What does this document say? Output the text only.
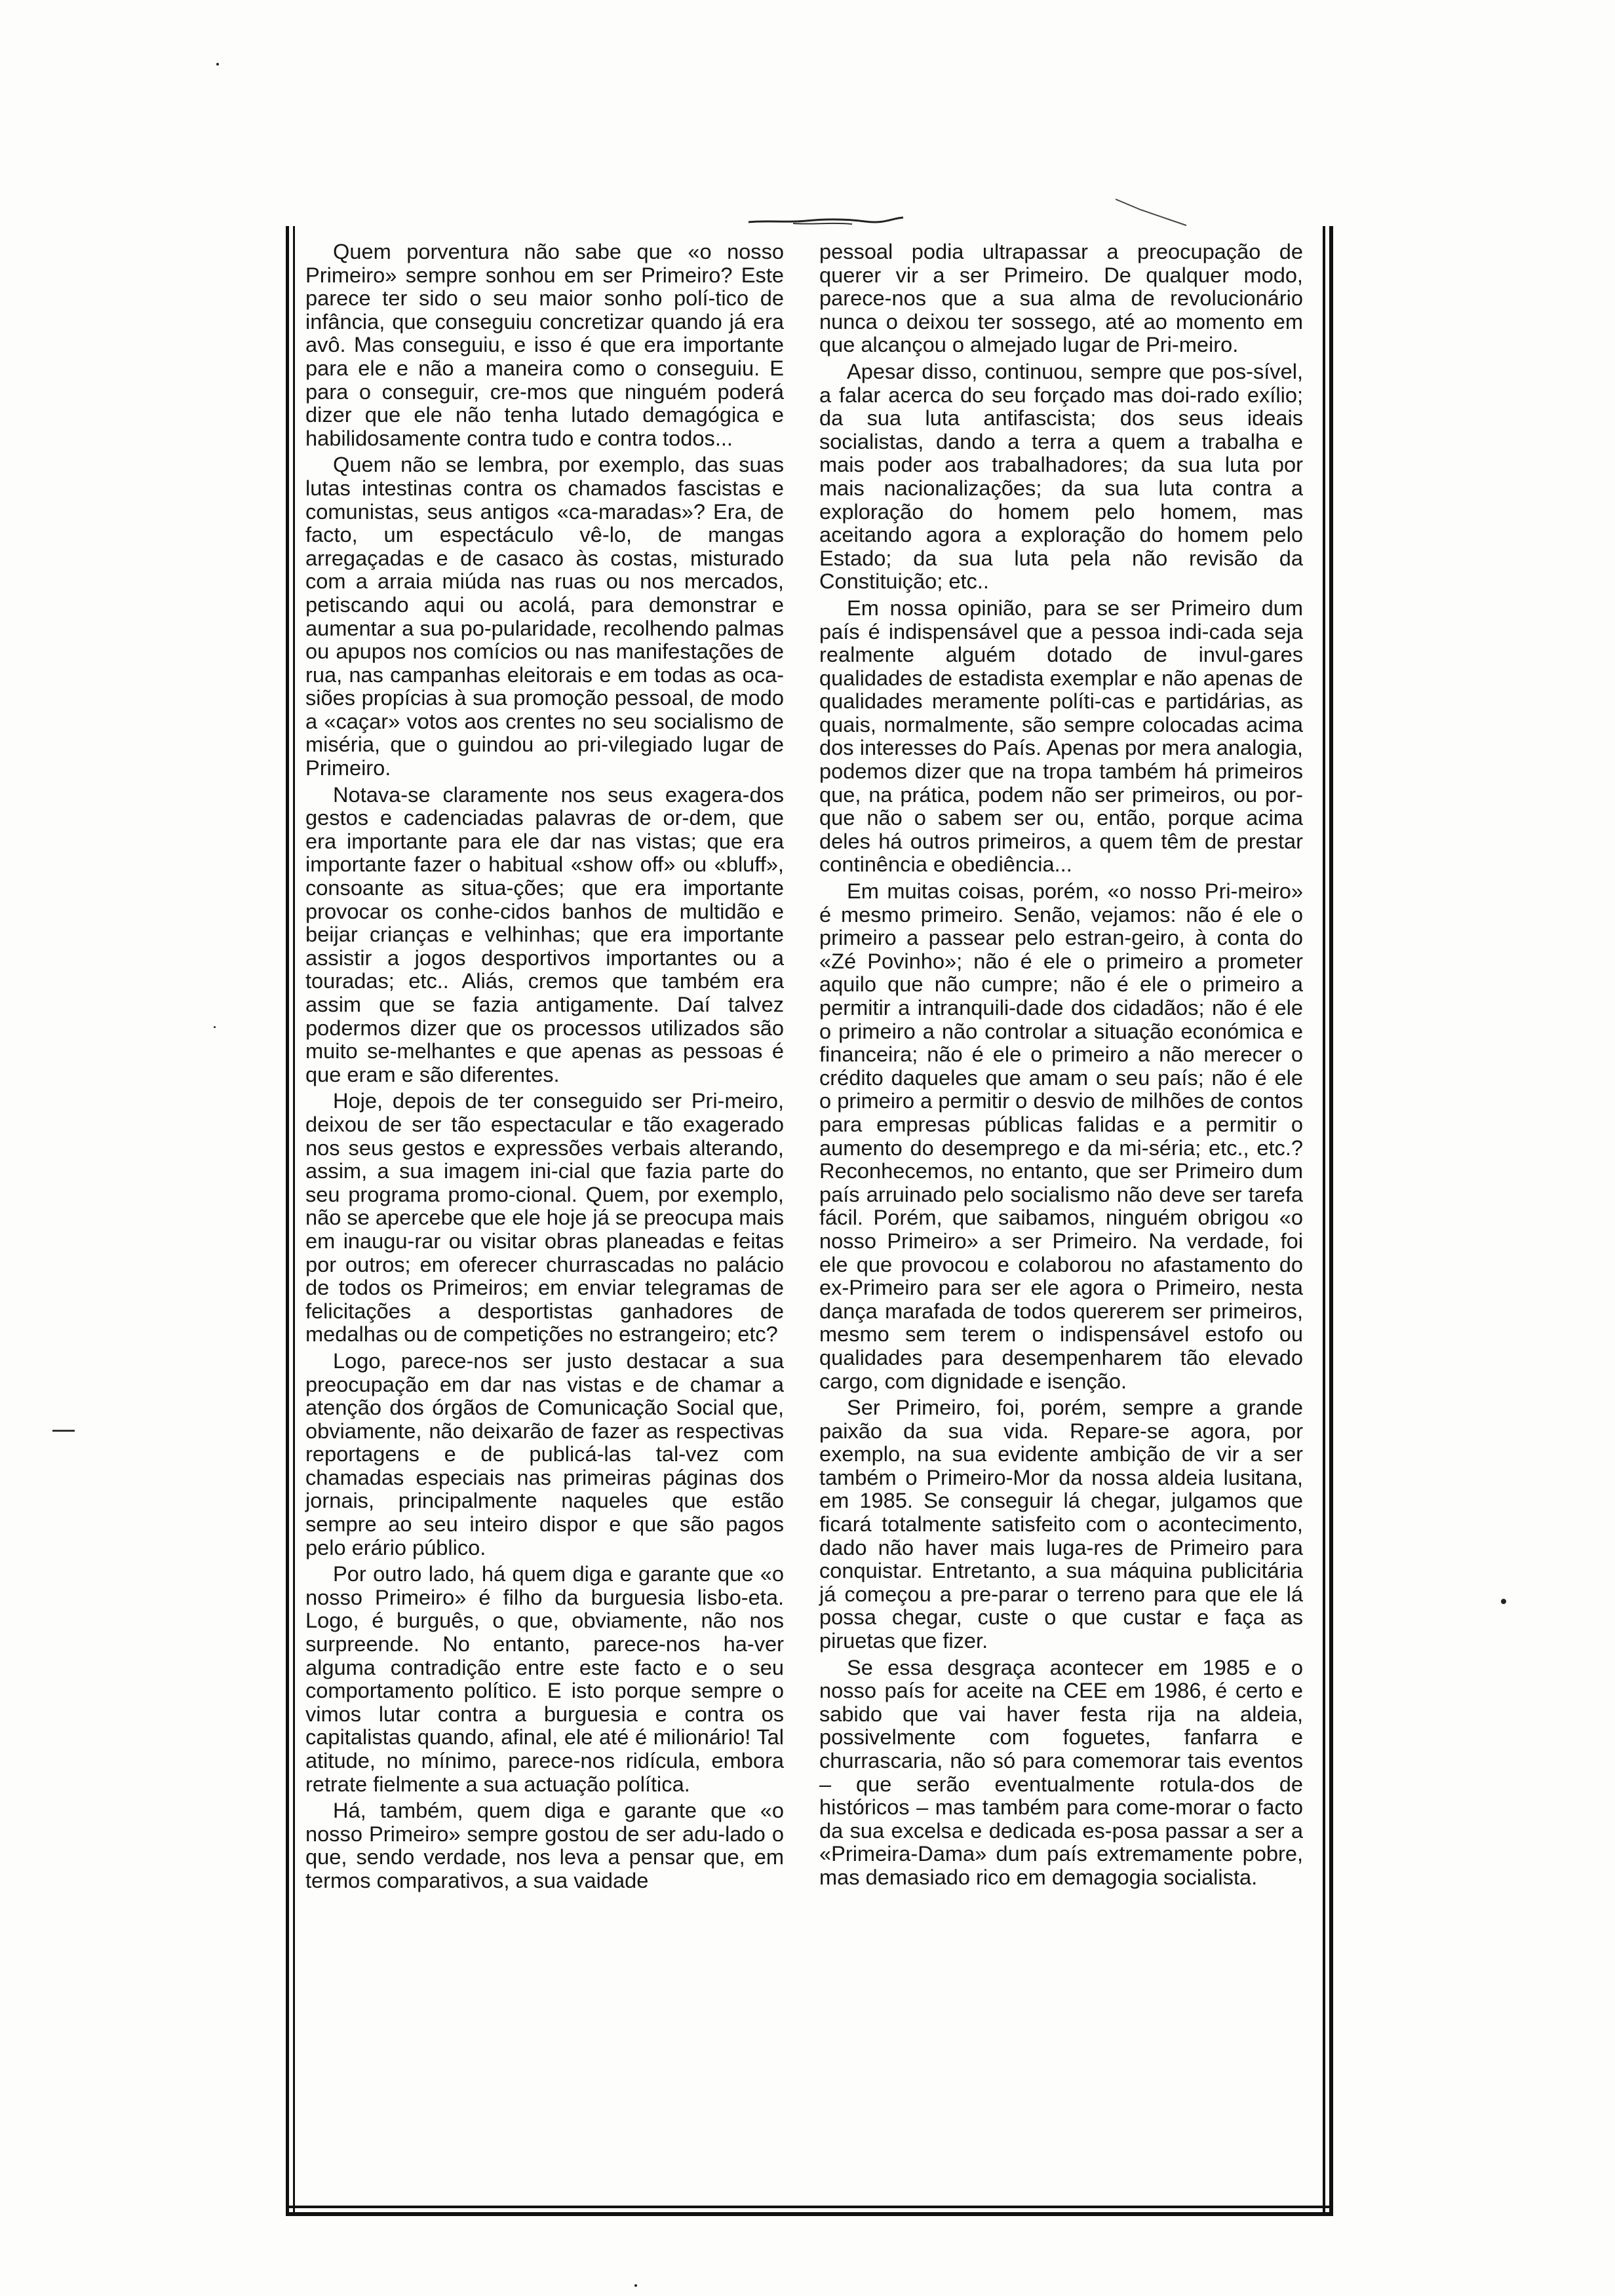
Quem porventura não sabe que «o nosso Primeiro» sempre sonhou em ser Primeiro? Este parece ter sido o seu maior sonho polí-tico de infância, que conseguiu concretizar quando já era avô. Mas conseguiu, e isso é que era importante para ele e não a maneira como o conseguiu. E para o conseguir, cre-mos que ninguém poderá dizer que ele não tenha lutado demagógica e habilidosamente contra tudo e contra todos...

Quem não se lembra, por exemplo, das suas lutas intestinas contra os chamados fascistas e comunistas, seus antigos «ca-maradas»? Era, de facto, um espectáculo vê-lo, de mangas arregaçadas e de casaco às costas, misturado com a arraia miúda nas ruas ou nos mercados, petiscando aqui ou acolá, para demonstrar e aumentar a sua po-pularidade, recolhendo palmas ou apupos nos comícios ou nas manifestações de rua, nas campanhas eleitorais e em todas as oca-siões propícias à sua promoção pessoal, de modo a «caçar» votos aos crentes no seu socialismo de miséria, que o guindou ao pri-vilegiado lugar de Primeiro.

Notava-se claramente nos seus exagera-dos gestos e cadenciadas palavras de or-dem, que era importante para ele dar nas vistas; que era importante fazer o habitual «show off» ou «bluff», consoante as situa-ções; que era importante provocar os conhe-cidos banhos de multidão e beijar crianças e velhinhas; que era importante assistir a jogos desportivos importantes ou a touradas; etc.. Aliás, cremos que também era assim que se fazia antigamente. Daí talvez podermos dizer que os processos utilizados são muito se-melhantes e que apenas as pessoas é que eram e são diferentes.

Hoje, depois de ter conseguido ser Pri-meiro, deixou de ser tão espectacular e tão exagerado nos seus gestos e expressões verbais alterando, assim, a sua imagem ini-cial que fazia parte do seu programa promo-cional. Quem, por exemplo, não se apercebe que ele hoje já se preocupa mais em inaugu-rar ou visitar obras planeadas e feitas por outros; em oferecer churrascadas no palácio de todos os Primeiros; em enviar telegramas de felicitações a desportistas ganhadores de medalhas ou de competições no estrangeiro; etc?

Logo, parece-nos ser justo destacar a sua preocupação em dar nas vistas e de chamar a atenção dos órgãos de Comunicação Social que, obviamente, não deixarão de fazer as respectivas reportagens e de publicá-las tal-vez com chamadas especiais nas primeiras páginas dos jornais, principalmente naqueles que estão sempre ao seu inteiro dispor e que são pagos pelo erário público.

Por outro lado, há quem diga e garante que «o nosso Primeiro» é filho da burguesia lisbo-eta. Logo, é burguês, o que, obviamente, não nos surpreende. No entanto, parece-nos ha-ver alguma contradição entre este facto e o seu comportamento político. E isto porque sempre o vimos lutar contra a burguesia e contra os capitalistas quando, afinal, ele até é milionário! Tal atitude, no mínimo, parece-nos ridícula, embora retrate fielmente a sua actuação política.

Há, também, quem diga e garante que «o nosso Primeiro» sempre gostou de ser adu-lado o que, sendo verdade, nos leva a pensar que, em termos comparativos, a sua vaidade

pessoal podia ultrapassar a preocupação de querer vir a ser Primeiro. De qualquer modo, parece-nos que a sua alma de revolucionário nunca o deixou ter sossego, até ao momento em que alcançou o almejado lugar de Pri-meiro.

Apesar disso, continuou, sempre que pos-sível, a falar acerca do seu forçado mas doi-rado exílio; da sua luta antifascista; dos seus ideais socialistas, dando a terra a quem a trabalha e mais poder aos trabalhadores; da sua luta por mais nacionalizações; da sua luta contra a exploração do homem pelo homem, mas aceitando agora a exploração do homem pelo Estado; da sua luta pela não revisão da Constituição; etc..

Em nossa opinião, para se ser Primeiro dum país é indispensável que a pessoa indi-cada seja realmente alguém dotado de invul-gares qualidades de estadista exemplar e não apenas de qualidades meramente políti-cas e partidárias, as quais, normalmente, são sempre colocadas acima dos interesses do País. Apenas por mera analogia, podemos dizer que na tropa também há primeiros que, na prática, podem não ser primeiros, ou por-que não o sabem ser ou, então, porque acima deles há outros primeiros, a quem têm de prestar continência e obediência...

Em muitas coisas, porém, «o nosso Pri-meiro» é mesmo primeiro. Senão, vejamos: não é ele o primeiro a passear pelo estran-geiro, à conta do «Zé Povinho»; não é ele o primeiro a prometer aquilo que não cumpre; não é ele o primeiro a permitir a intranquili-dade dos cidadãos; não é ele o primeiro a não controlar a situação económica e financeira; não é ele o primeiro a não merecer o crédito daqueles que amam o seu país; não é ele o primeiro a permitir o desvio de milhões de contos para empresas públicas falidas e a permitir o aumento do desemprego e da mi-séria; etc., etc.? Reconhecemos, no entanto, que ser Primeiro dum país arruinado pelo socialismo não deve ser tarefa fácil. Porém, que saibamos, ninguém obrigou «o nosso Primeiro» a ser Primeiro. Na verdade, foi ele que provocou e colaborou no afastamento do ex-Primeiro para ser ele agora o Primeiro, nesta dança marafada de todos quererem ser primeiros, mesmo sem terem o indispensável estofo ou qualidades para desempenharem tão elevado cargo, com dignidade e isenção.

Ser Primeiro, foi, porém, sempre a grande paixão da sua vida. Repare-se agora, por exemplo, na sua evidente ambição de vir a ser também o Primeiro-Mor da nossa aldeia lusitana, em 1985. Se conseguir lá chegar, julgamos que ficará totalmente satisfeito com o acontecimento, dado não haver mais luga-res de Primeiro para conquistar. Entretanto, a sua máquina publicitária já começou a pre-parar o terreno para que ele lá possa chegar, custe o que custar e faça as piruetas que fizer.

Se essa desgraça acontecer em 1985 e o nosso país for aceite na CEE em 1986, é certo e sabido que vai haver festa rija na aldeia, possivelmente com foguetes, fanfarra e churrascaria, não só para comemorar tais eventos – que serão eventualmente rotula-dos de históricos – mas também para come-morar o facto da sua excelsa e dedicada es-posa passar a ser a «Primeira-Dama» dum país extremamente pobre, mas demasiado rico em demagogia socialista.
